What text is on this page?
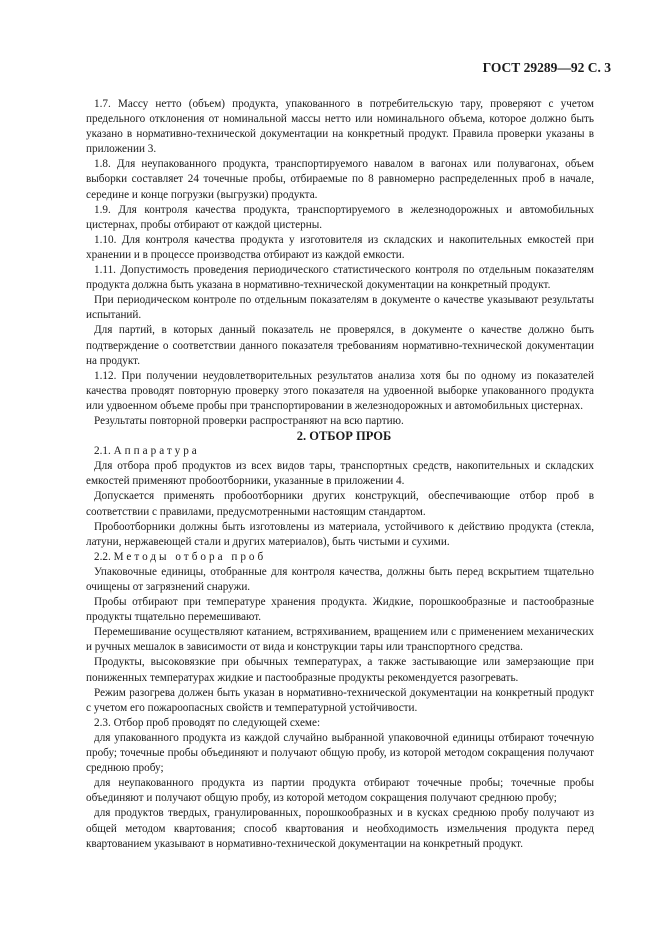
ГОСТ 29289—92 С. 3

1.7. Массу нетто (объем) продукта, упакованного в потребительскую тару, проверяют с учетом предельного отклонения от номинальной массы нетто или номинального объема, которое должно быть указано в нормативно-технической документации на конкретный продукт. Правила проверки указаны в приложении 3.

1.8. Для неупакованного продукта, транспортируемого навалом в вагонах или полувагонах, объем выборки составляет 24 точечные пробы, отбираемые по 8 равномерно распределенных проб в начале, середине и конце погрузки (выгрузки) продукта.

1.9. Для контроля качества продукта, транспортируемого в железнодорожных и автомобильных цистернах, пробы отбирают от каждой цистерны.

1.10. Для контроля качества продукта у изготовителя из складских и накопительных емкостей при хранении и в процессе производства отбирают из каждой емкости.

1.11. Допустимость проведения периодического статистического контроля по отдельным показателям продукта должна быть указана в нормативно-технической документации на конкретный продукт.

При периодическом контроле по отдельным показателям в документе о качестве указывают результаты испытаний.

Для партий, в которых данный показатель не проверялся, в документе о качестве должно быть подтверждение о соответствии данного показателя требованиям нормативно-технической документации на продукт.

1.12. При получении неудовлетворительных результатов анализа хотя бы по одному из показателей качества проводят повторную проверку этого показателя на удвоенной выборке упакованного продукта или удвоенном объеме пробы при транспортировании в железнодорожных и автомобильных цистернах.

Результаты повторной проверки распространяют на всю партию.

2. ОТБОР ПРОБ

2.1. Аппаратура

Для отбора проб продуктов из всех видов тары, транспортных средств, накопительных и складских емкостей применяют пробоотборники, указанные в приложении 4.

Допускается применять пробоотборники других конструкций, обеспечивающие отбор проб в соответствии с правилами, предусмотренными настоящим стандартом.

Пробоотборники должны быть изготовлены из материала, устойчивого к действию продукта (стекла, латуни, нержавеющей стали и других материалов), быть чистыми и сухими.

2.2. Методы отбора проб

Упаковочные единицы, отобранные для контроля качества, должны быть перед вскрытием тщательно очищены от загрязнений снаружи.

Пробы отбирают при температуре хранения продукта. Жидкие, порошкообразные и пастообразные продукты тщательно перемешивают.

Перемешивание осуществляют катанием, встряхиванием, вращением или с применением механических и ручных мешалок в зависимости от вида и конструкции тары или транспортного средства.

Продукты, высоковязкие при обычных температурах, а также застывающие или замерзающие при пониженных температурах жидкие и пастообразные продукты рекомендуется разогревать.

Режим разогрева должен быть указан в нормативно-технической документации на конкретный продукт с учетом его пожароопасных свойств и температурной устойчивости.

2.3. Отбор проб проводят по следующей схеме:

для упакованного продукта из каждой случайно выбранной упаковочной единицы отбирают точечную пробу; точечные пробы объединяют и получают общую пробу, из которой методом сокращения получают среднюю пробу;

для неупакованного продукта из партии продукта отбирают точечные пробы; точечные пробы объединяют и получают общую пробу, из которой методом сокращения получают среднюю пробу;

для продуктов твердых, гранулированных, порошкообразных и в кусках среднюю пробу получают из общей методом квартования; способ квартования и необходимость измельчения продукта перед квартованием указывают в нормативно-технической документации на конкретный продукт.
